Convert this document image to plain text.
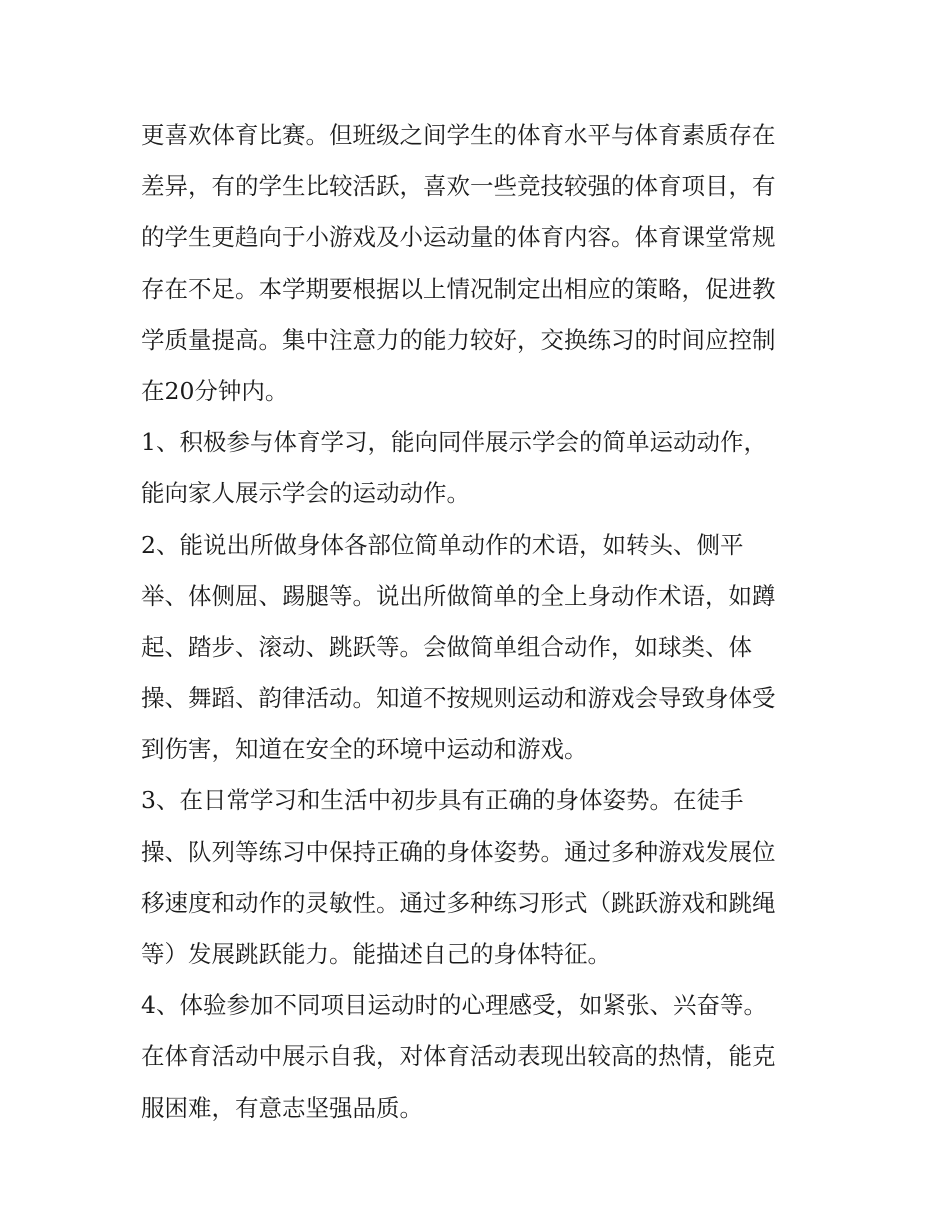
更喜欢体育比赛。但班级之间学生的体育水平与体育素质存在
差异，有的学生比较活跃，喜欢一些竞技较强的体育项目，有
的学生更趋向于小游戏及小运动量的体育内容。体育课堂常规
存在不足。本学期要根据以上情况制定出相应的策略，促进教
学质量提高。集中注意力的能力较好，交换练习的时间应控制
在20分钟内。
1、积极参与体育学习，能向同伴展示学会的简单运动动作，
能向家人展示学会的运动动作。
2、能说出所做身体各部位简单动作的术语，如转头、侧平
举、体侧屈、踢腿等。说出所做简单的全上身动作术语，如蹲
起、踏步、滚动、跳跃等。会做简单组合动作，如球类、体
操、舞蹈、韵律活动。知道不按规则运动和游戏会导致身体受
到伤害，知道在安全的环境中运动和游戏。
3、在日常学习和生活中初步具有正确的身体姿势。在徒手
操、队列等练习中保持正确的身体姿势。通过多种游戏发展位
移速度和动作的灵敏性。通过多种练习形式（跳跃游戏和跳绳
等）发展跳跃能力。能描述自己的身体特征。
4、体验参加不同项目运动时的心理感受，如紧张、兴奋等。
在体育活动中展示自我，对体育活动表现出较高的热情，能克
服困难，有意志坚强品质。
